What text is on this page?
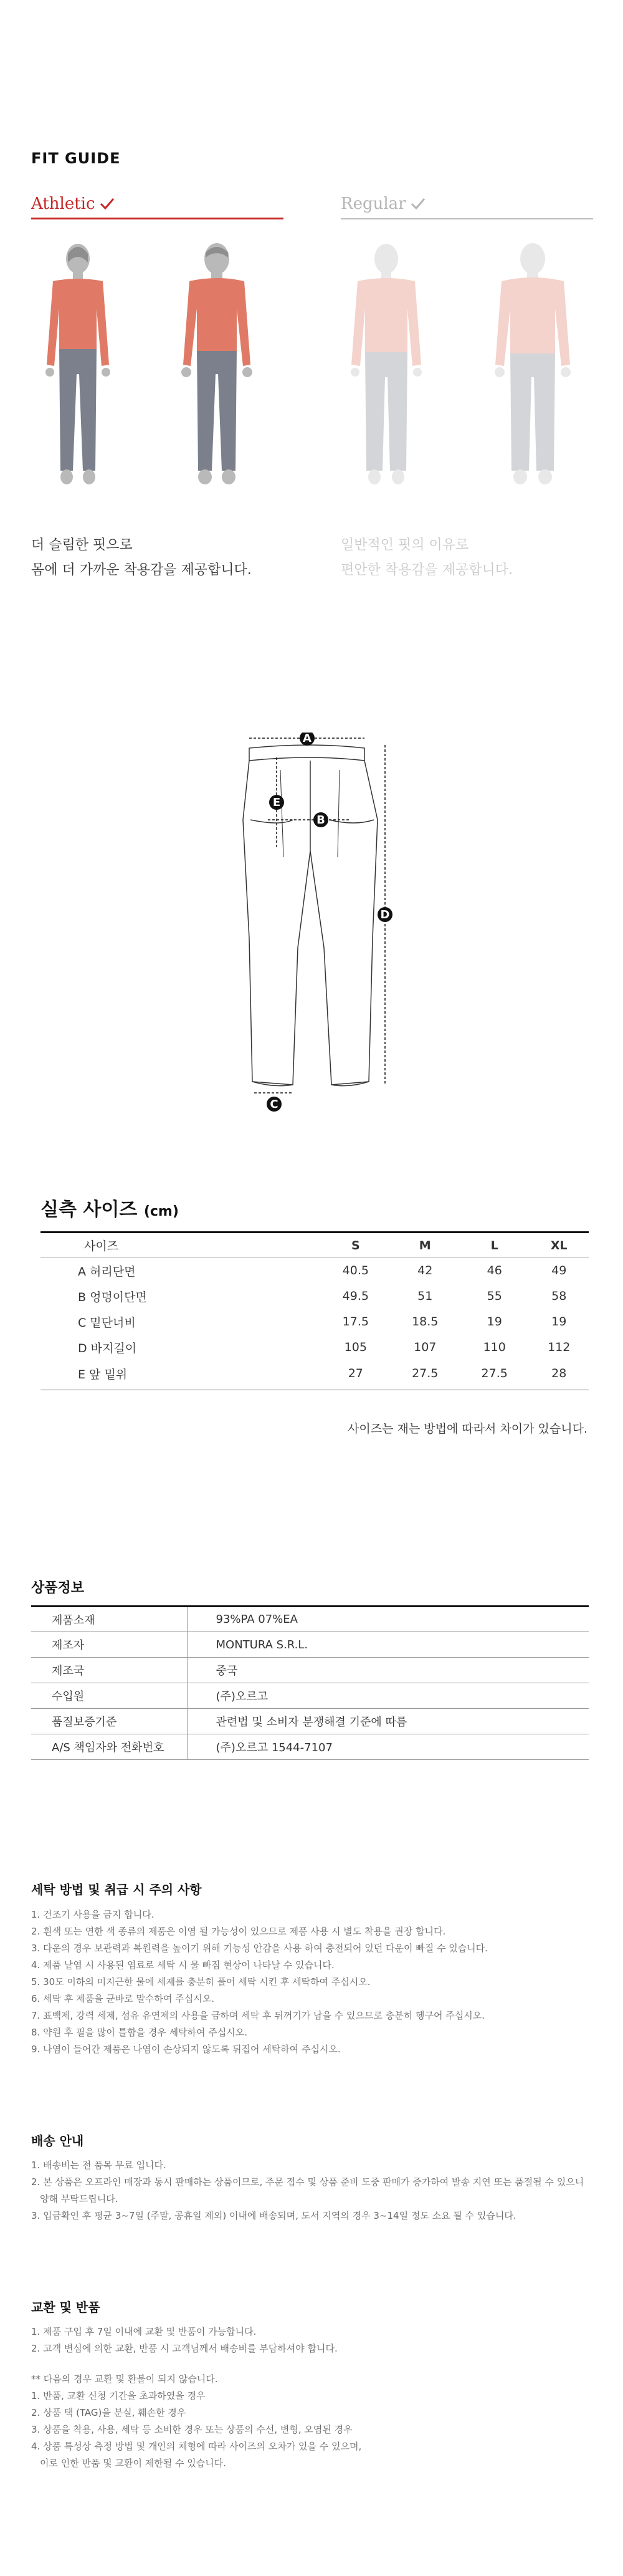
FIT GUIDE
Athletic	Regular
더 슬림한 핏으로
몸에 더 가까운 착용감을 제공합니다.
일반적인 핏의 이유로
편안한 착용감을 제공합니다.
A
B
C
D
E
실측 사이즈 (cm)
사이즈	S	M	L	XL
A 허리단면	40.5	42	46	49
B 엉덩이단면	49.5	51	55	58
C 밑단너비	17.5	18.5	19	19
D 바지길이	105	107	110	112
E 앞 밑위	27	27.5	27.5	28
사이즈는 재는 방법에 따라서 차이가 있습니다.
상품정보
제품소재	93%PA 07%EA
제조자	MONTURA S.R.L.
제조국	중국
수입원	(주)오르고
품질보증기준	관련법 및 소비자 분쟁해결 기준에 따름
A/S 책임자와 전화번호	(주)오르고 1544-7107
세탁 방법 및 취급 시 주의 사항
1. 건조기 사용을 금지 합니다.
2. 흰색 또는 연한 색 종류의 제품은 이염 될 가능성이 있으므로 제품 사용 시 별도 착용을 권장 합니다.
3. 다운의 경우 보관력과 복원력을 높이기 위해 기능성 안감을 사용 하여 충전되어 있던 다운이 빠질 수 있습니다.
4. 제품 낱염 시 사용된 염료로 세탁 시 물 빠짐 현상이 나타날 수 있습니다.
5. 30도 이하의 미지근한 물에 세제를 충분히 풀어 세탁 시킨 후 세탁하여 주십시오.
6. 세탁 후 제품을 균바로 말수하여 주십시오.
7. 표백제, 강력 세제, 섬유 유연제의 사용을 금하며 세탁 후 뒤꺼기가 남을 수 있으므로 충분히 헹구어 주십시오.
8. 약원 후 필을 많이 틀함을 경우 세탁하여 주십시오.
9. 나염이 들어간 제품은 나염이 손상되지 않도록 뒤집어 세탁하여 주십시오.
배송 안내
1. 배송비는 전 품목 무료 입니다.
2. 본 상품은 오프라인 매장과 동시 판매하는 상품이므로, 주문 접수 및 상품 준비 도중 판매가 증가하여 발송 지연 또는 품절될 수 있으니
양해 부탁드립니다.
3. 입금확인 후 평균 3~7일 (주말, 공휴일 제외) 이내에 배송되며, 도서 지역의 경우 3~14일 정도 소요 될 수 있습니다.
교환 및 반품
1. 제품 구입 후 7일 이내에 교환 및 반품이 가능합니다.
2. 고객 변심에 의한 교환, 반품 시 고객님께서 배송비를 부담하셔야 합니다.
** 다음의 경우 교환 및 환불이 되지 않습니다.
1. 반품, 교환 신청 기간을 초과하였을 경우
2. 상품 택 (TAG)을 분실, 훼손한 경우
3. 상품을 착용, 사용, 세탁 등 소비한 경우 또는 상품의 수선, 변형, 오염된 경우
4. 상품 특성상 측정 방법 및 개인의 체형에 따라 사이즈의 오차가 있을 수 있으며,
이로 인한 반품 및 교환이 제한될 수 있습니다.
